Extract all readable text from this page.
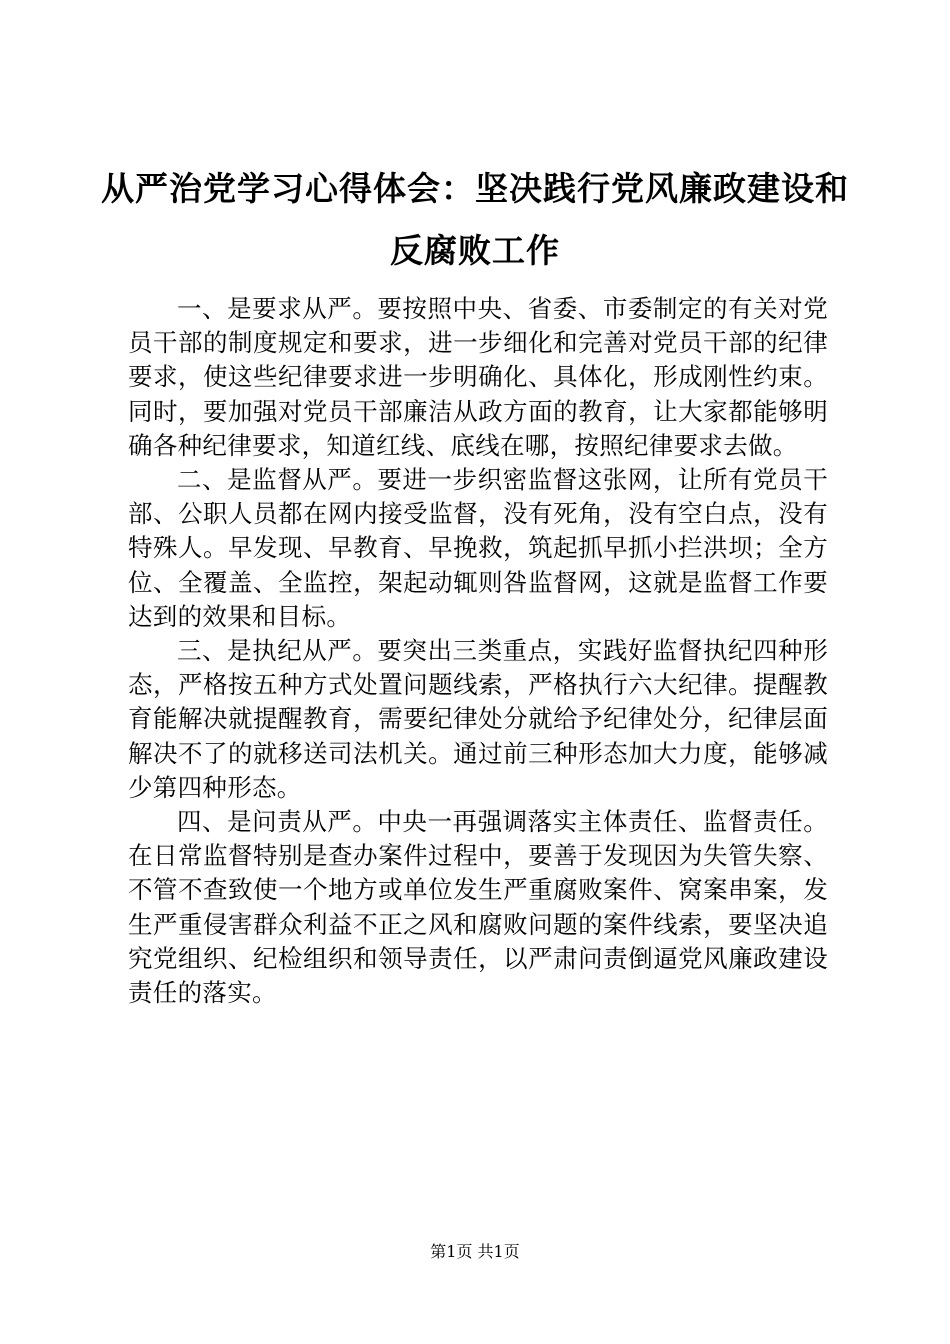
从严治党学习心得体会：坚决践行党风廉政建设和反腐败工作

一、是要求从严。要按照中央、省委、市委制定的有关对党员干部的制度规定和要求，进一步细化和完善对党员干部的纪律要求，使这些纪律要求进一步明确化、具体化，形成刚性约束。同时，要加强对党员干部廉洁从政方面的教育，让大家都能够明确各种纪律要求，知道红线、底线在哪，按照纪律要求去做。

二、是监督从严。要进一步织密监督这张网，让所有党员干部、公职人员都在网内接受监督，没有死角，没有空白点，没有特殊人。早发现、早教育、早挽救，筑起抓早抓小拦洪坝；全方位、全覆盖、全监控，架起动辄则咎监督网，这就是监督工作要达到的效果和目标。

三、是执纪从严。要突出三类重点，实践好监督执纪四种形态，严格按五种方式处置问题线索，严格执行六大纪律。提醒教育能解决就提醒教育，需要纪律处分就给予纪律处分，纪律层面解决不了的就移送司法机关。通过前三种形态加大力度，能够减少第四种形态。

四、是问责从严。中央一再强调落实主体责任、监督责任。在日常监督特别是查办案件过程中，要善于发现因为失管失察、不管不查致使一个地方或单位发生严重腐败案件、窝案串案，发生严重侵害群众利益不正之风和腐败问题的案件线索，要坚决追究党组织、纪检组织和领导责任，以严肃问责倒逼党风廉政建设责任的落实。

第1页 共1页
